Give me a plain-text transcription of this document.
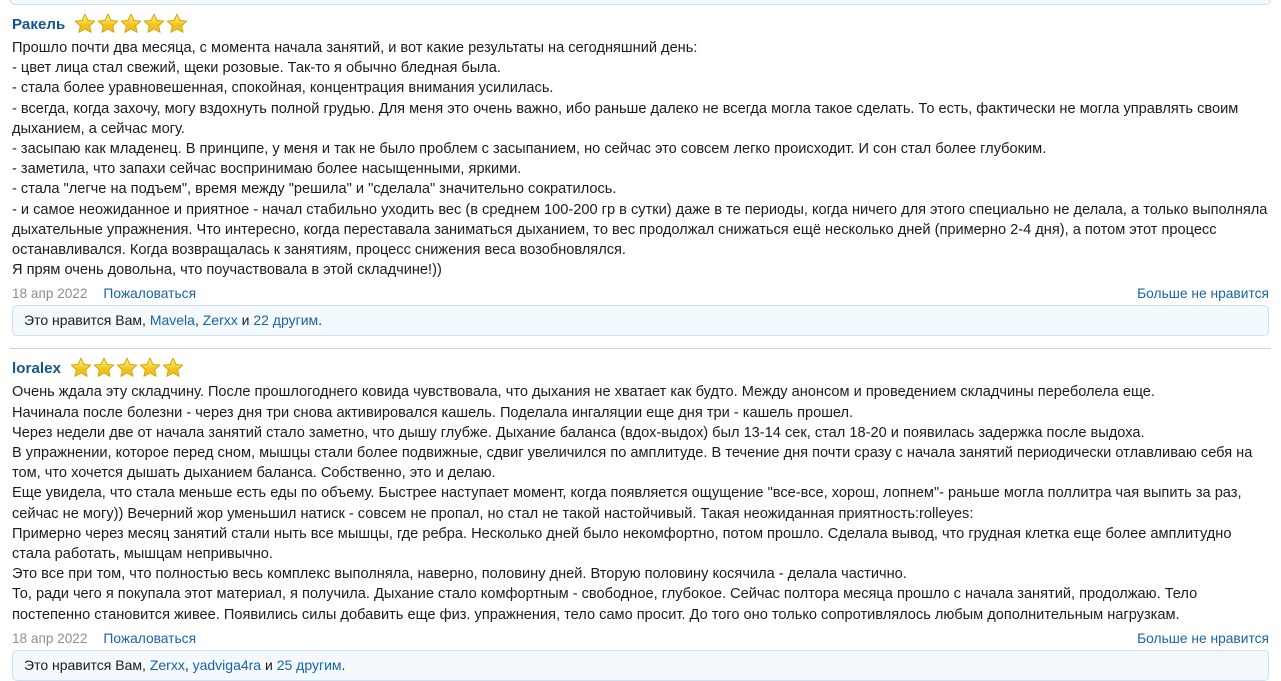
Ракель

Прошло почти два месяца, с момента начала занятий, и вот какие результаты на сегодняшний день:

- цвет лица стал свежий, щеки розовые. Так-то я обычно бледная была.

- стала более уравновешенная, спокойная, концентрация внимания усилилась.

- всегда, когда захочу, могу вздохнуть полной грудью. Для меня это очень важно, ибо раньше далеко не всегда могла такое сделать. То есть, фактически не могла управлять своим дыханием, а сейчас могу.

- засыпаю как младенец. В принципе, у меня и так не было проблем с засыпанием, но сейчас это совсем легко происходит. И сон стал более глубоким.

- заметила, что запахи сейчас воспринимаю более насыщенными, яркими.

- стала "легче на подъем", время между "решила" и "сделала" значительно сократилось.

- и самое неожиданное и приятное - начал стабильно уходить вес (в среднем 100-200 гр в сутки) даже в те периоды, когда ничего для этого специально не делала, а только выполняла дыхательные упражнения. Что интересно, когда переставала заниматься дыханием, то вес продолжал снижаться ещё несколько дней (примерно 2-4 дня), а потом этот процесс останавливался. Когда возвращалась к занятиям, процесс снижения веса возобновлялся.

Я прям очень довольна, что поучаствовала в этой складчине!))

18 апр 2022 Пожаловаться	Больше не нравится
Это нравится Вам, Mavela, Zerxx и 22 другим.
loralex

Очень ждала эту складчину. После прошлогоднего ковида чувствовала, что дыхания не хватает как будто. Между анонсом и проведением складчины переболела еще.

Начинала после болезни - через дня три снова активировался кашель. Поделала ингаляции еще дня три - кашель прошел.

Через недели две от начала занятий стало заметно, что дышу глубже. Дыхание баланса (вдох-выдох) был 13-14 сек, стал 18-20 и появилась задержка после выдоха.

В упражнении, которое перед сном, мышцы стали более подвижные, сдвиг увеличился по амплитуде. В течение дня почти сразу с начала занятий периодически отлавливаю себя на том, что хочется дышать дыханием баланса. Собственно, это и делаю.

Еще увидела, что стала меньше есть еды по объему. Быстрее наступает момент, когда появляется ощущение "все-все, хорош, лопнем"- раньше могла поллитра чая выпить за раз, сейчас не могу)) Вечерний жор уменьшил натиск - совсем не пропал, но стал не такой настойчивый. Такая неожиданная приятность:rolleyes:

Примерно через месяц занятий стали ныть все мышцы, где ребра. Несколько дней было некомфортно, потом прошло. Сделала вывод, что грудная клетка еще более амплитудно стала работать, мышцам непривычно.

Это все при том, что полностью весь комплекс выполняла, наверно, половину дней. Вторую половину косячила - делала частично.

То, ради чего я покупала этот материал, я получила. Дыхание стало комфортным - свободное, глубокое. Сейчас полтора месяца прошло с начала занятий, продолжаю. Тело постепенно становится живее. Появились силы добавить еще физ. упражнения, тело само просит. До того оно только сопротивлялось любым дополнительным нагрузкам.

18 апр 2022 Пожаловаться	Больше не нравится
Это нравится Вам, Zerxx, yadviga4ra и 25 другим.
